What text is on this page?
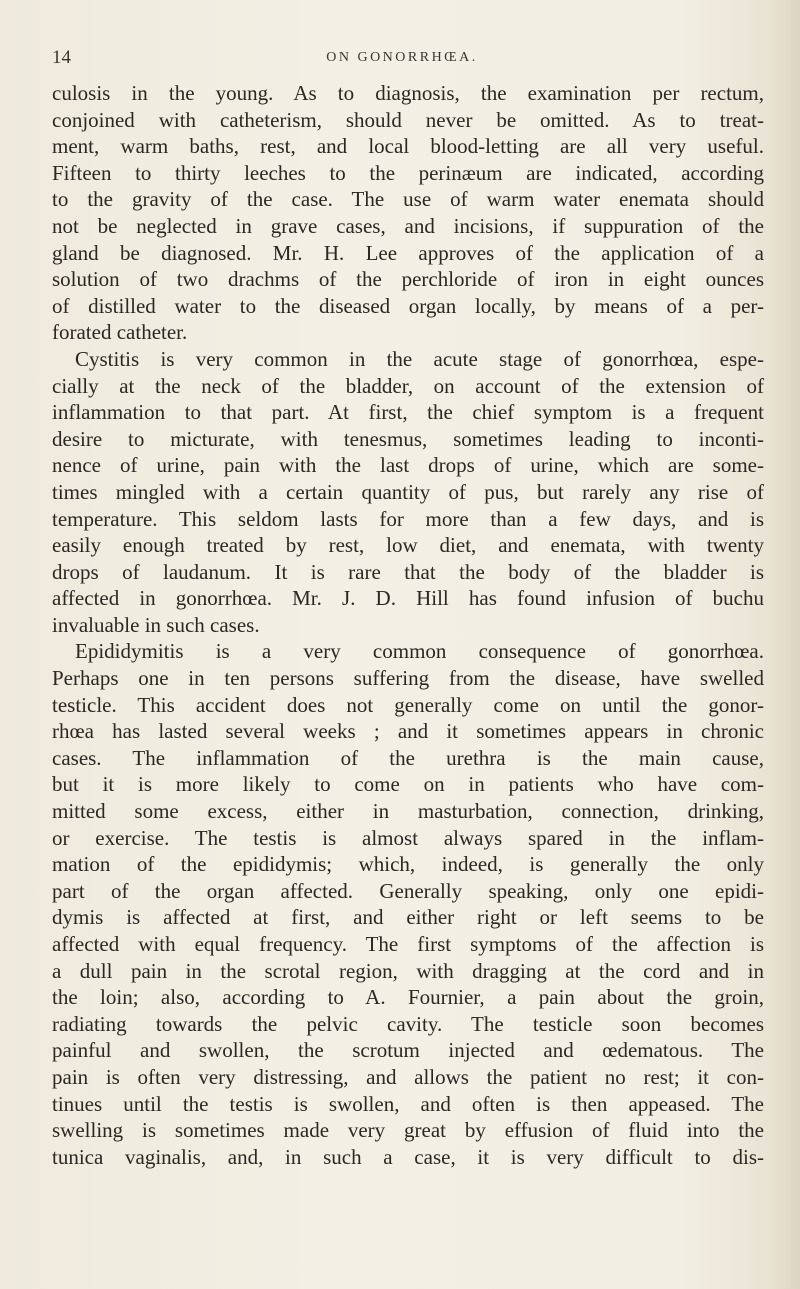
14	ON GONORRHŒA.
culosis in the young. As to diagnosis, the examination per rectum,
conjoined with catheterism, should never be omitted. As to treat-
ment, warm baths, rest, and local blood-letting are all very useful.
Fifteen to thirty leeches to the perinæum are indicated, according
to the gravity of the case. The use of warm water enemata should
not be neglected in grave cases, and incisions, if suppuration of the
gland be diagnosed. Mr. H. Lee approves of the application of a
solution of two drachms of the perchloride of iron in eight ounces
of distilled water to the diseased organ locally, by means of a per-
forated catheter.
Cystitis is very common in the acute stage of gonorrhœa, espe-
cially at the neck of the bladder, on account of the extension of
inflammation to that part. At first, the chief symptom is a frequent
desire to micturate, with tenesmus, sometimes leading to inconti-
nence of urine, pain with the last drops of urine, which are some-
times mingled with a certain quantity of pus, but rarely any rise of
temperature. This seldom lasts for more than a few days, and is
easily enough treated by rest, low diet, and enemata, with twenty
drops of laudanum. It is rare that the body of the bladder is
affected in gonorrhœa. Mr. J. D. Hill has found infusion of buchu
invaluable in such cases.
Epididymitis is a very common consequence of gonorrhœa.
Perhaps one in ten persons suffering from the disease, have swelled
testicle. This accident does not generally come on until the gonor-
rhœa has lasted several weeks ; and it sometimes appears in chronic
cases. The inflammation of the urethra is the main cause,
but it is more likely to come on in patients who have com-
mitted some excess, either in masturbation, connection, drinking,
or exercise. The testis is almost always spared in the inflam-
mation of the epididymis; which, indeed, is generally the only
part of the organ affected. Generally speaking, only one epidi-
dymis is affected at first, and either right or left seems to be
affected with equal frequency. The first symptoms of the affection is
a dull pain in the scrotal region, with dragging at the cord and in
the loin; also, according to A. Fournier, a pain about the groin,
radiating towards the pelvic cavity. The testicle soon becomes
painful and swollen, the scrotum injected and œdematous. The
pain is often very distressing, and allows the patient no rest; it con-
tinues until the testis is swollen, and often is then appeased. The
swelling is sometimes made very great by effusion of fluid into the
tunica vaginalis, and, in such a case, it is very difficult to dis-
